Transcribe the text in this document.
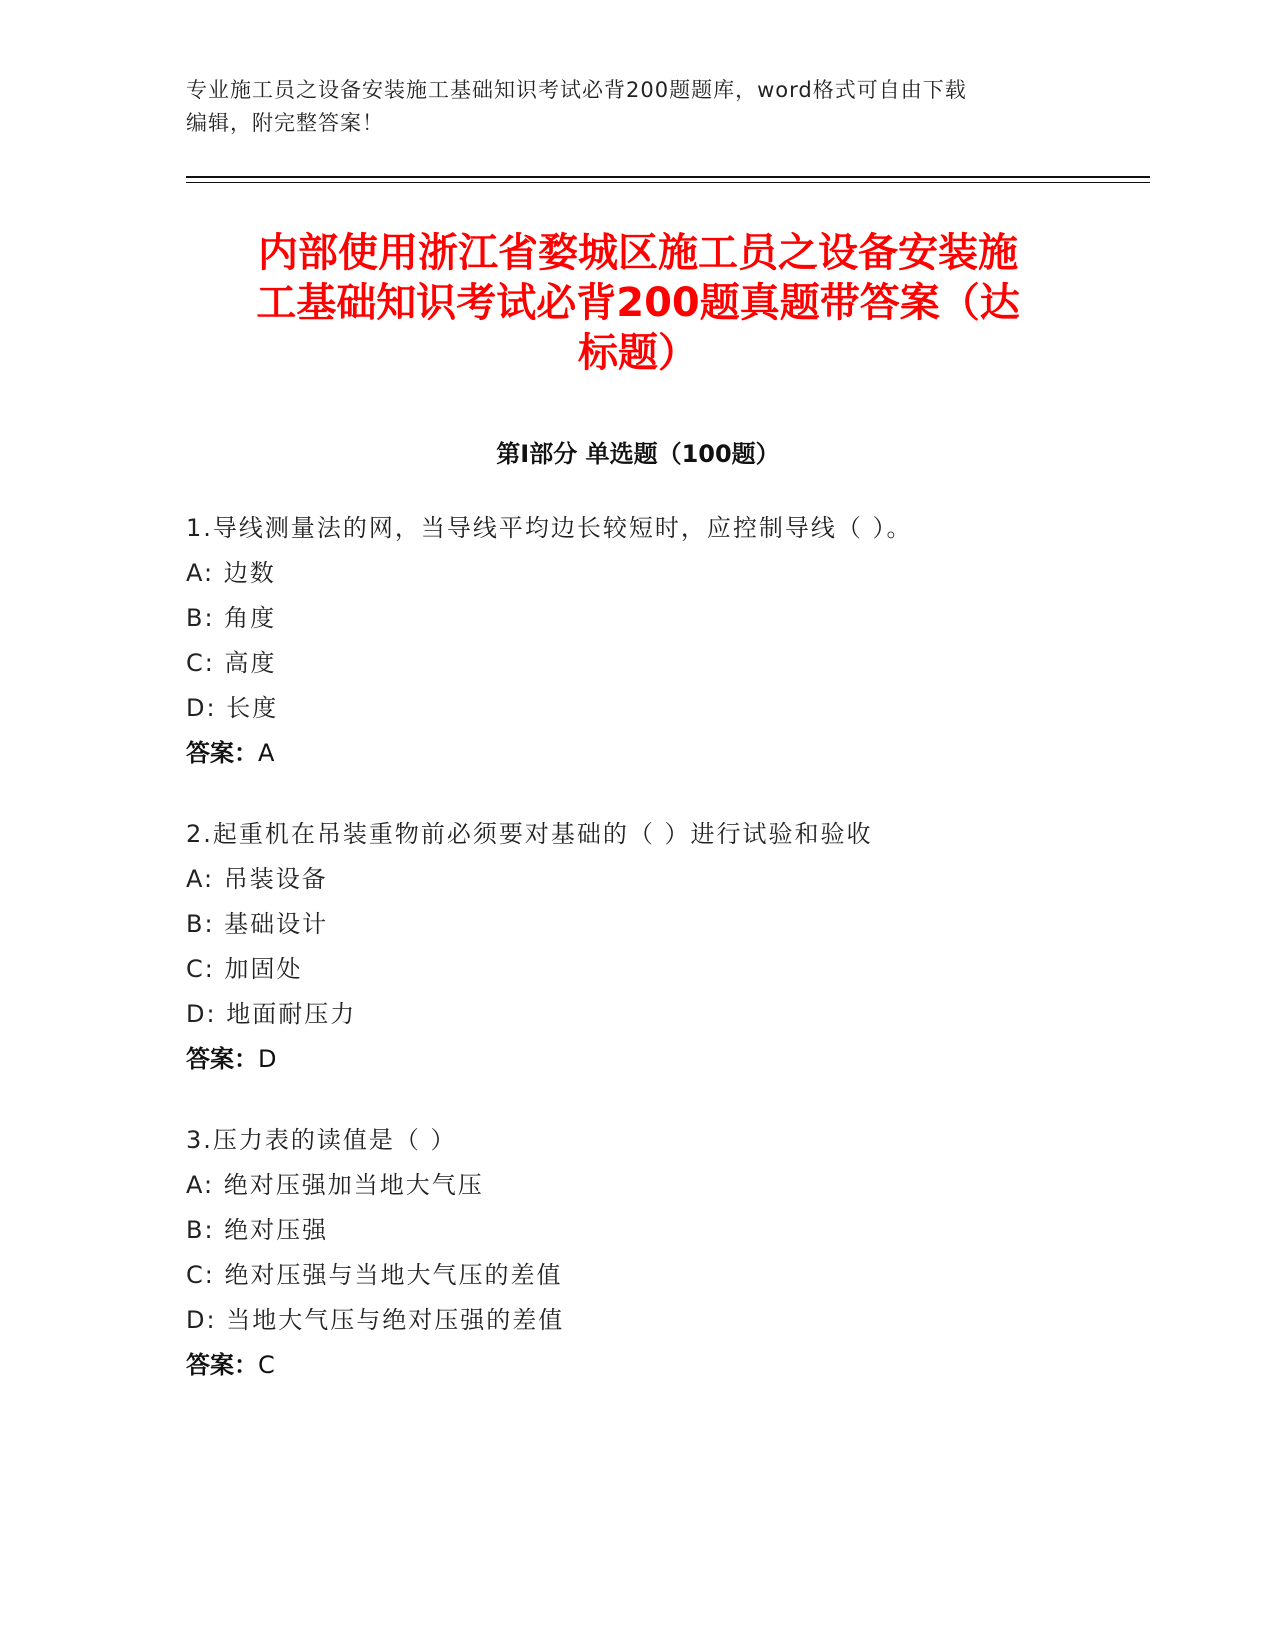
专业施工员之设备安装施工基础知识考试必背200题题库，word格式可自由下载
编辑，附完整答案！
内部使用浙江省婺城区施工员之设备安装施
工基础知识考试必背200题真题带答案（达
标题）
第Ⅰ部分 单选题（100题）
1.导线测量法的网，当导线平均边长较短时，应控制导线（ ）。
A: 边数
B: 角度
C: 高度
D: 长度
答案：A
2.起重机在吊装重物前必须要对基础的（ ）进行试验和验收
A: 吊装设备
B: 基础设计
C: 加固处
D: 地面耐压力
答案：D
3.压力表的读值是（ ）
A: 绝对压强加当地大气压
B: 绝对压强
C: 绝对压强与当地大气压的差值
D: 当地大气压与绝对压强的差值
答案：C
